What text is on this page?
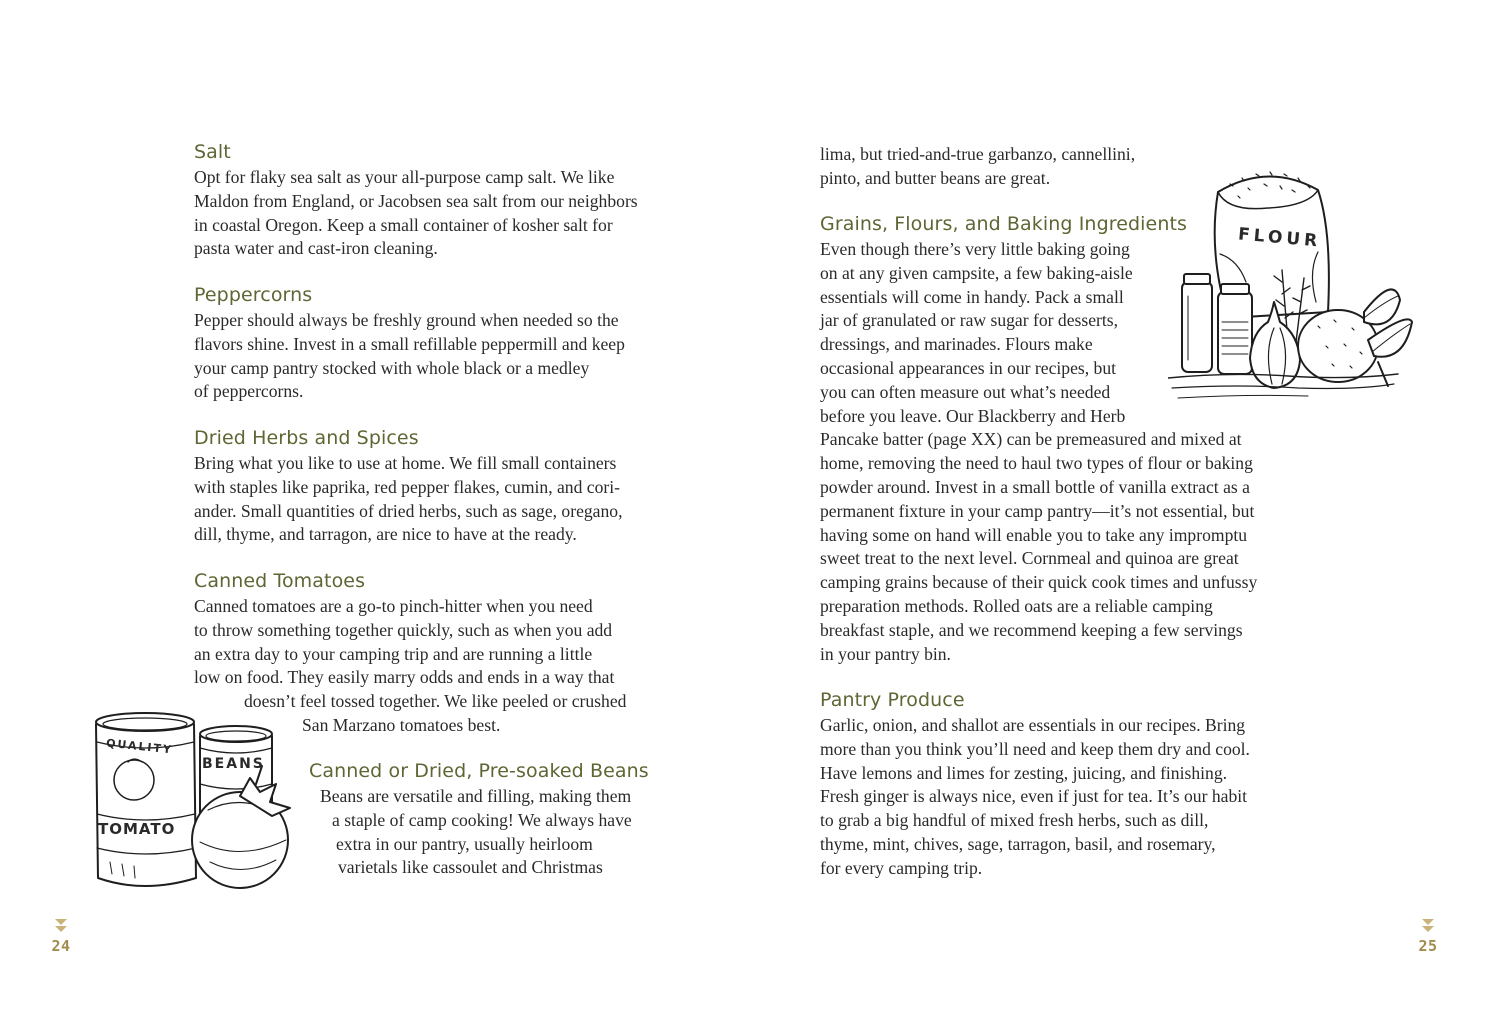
Salt
Opt for flaky sea salt as your all-purpose camp salt. We like
Maldon from England, or Jacobsen sea salt from our neighbors
in coastal Oregon. Keep a small container of kosher salt for
pasta water and cast-iron cleaning.
Peppercorns
Pepper should always be freshly ground when needed so the
flavors shine. Invest in a small refillable peppermill and keep
your camp pantry stocked with whole black or a medley
of peppercorns.
Dried Herbs and Spices
Bring what you like to use at home. We fill small containers
with staples like paprika, red pepper flakes, cumin, and cori-
ander. Small quantities of dried herbs, such as sage, oregano,
dill, thyme, and tarragon, are nice to have at the ready.
Canned Tomatoes
Canned tomatoes are a go-to pinch-hitter when you need
to throw something together quickly, such as when you add
an extra day to your camping trip and are running a little
low on food. They easily marry odds and ends in a way that
doesn’t feel tossed together. We like peeled or crushed
San Marzano tomatoes best.
Canned or Dried, Pre-soaked Beans
Beans are versatile and filling, making them
a staple of camp cooking! We always have
extra in our pantry, usually heirloom
varietals like cassoulet and Christmas
QUALITY
BEANS
TOMATO
24
lima, but tried-and-true garbanzo, cannellini,
pinto, and butter beans are great.
Grains, Flours, and Baking Ingredients
Even though there’s very little baking going
on at any given campsite, a few baking-aisle
essentials will come in handy. Pack a small
jar of granulated or raw sugar for desserts,
dressings, and marinades. Flours make
occasional appearances in our recipes, but
you can often measure out what’s needed
before you leave. Our Blackberry and Herb
Pancake batter (page XX) can be premeasured and mixed at
home, removing the need to haul two types of flour or baking
powder around. Invest in a small bottle of vanilla extract as a
permanent fixture in your camp pantry—it’s not essential, but
having some on hand will enable you to take any impromptu
sweet treat to the next level. Cornmeal and quinoa are great
camping grains because of their quick cook times and unfussy
preparation methods. Rolled oats are a reliable camping
breakfast staple, and we recommend keeping a few servings
in your pantry bin.
Pantry Produce
Garlic, onion, and shallot are essentials in our recipes. Bring
more than you think you’ll need and keep them dry and cool.
Have lemons and limes for zesting, juicing, and finishing.
Fresh ginger is always nice, even if just for tea. It’s our habit
to grab a big handful of mixed fresh herbs, such as dill,
thyme, mint, chives, sage, tarragon, basil, and rosemary,
for every camping trip.
FLOUR
25
